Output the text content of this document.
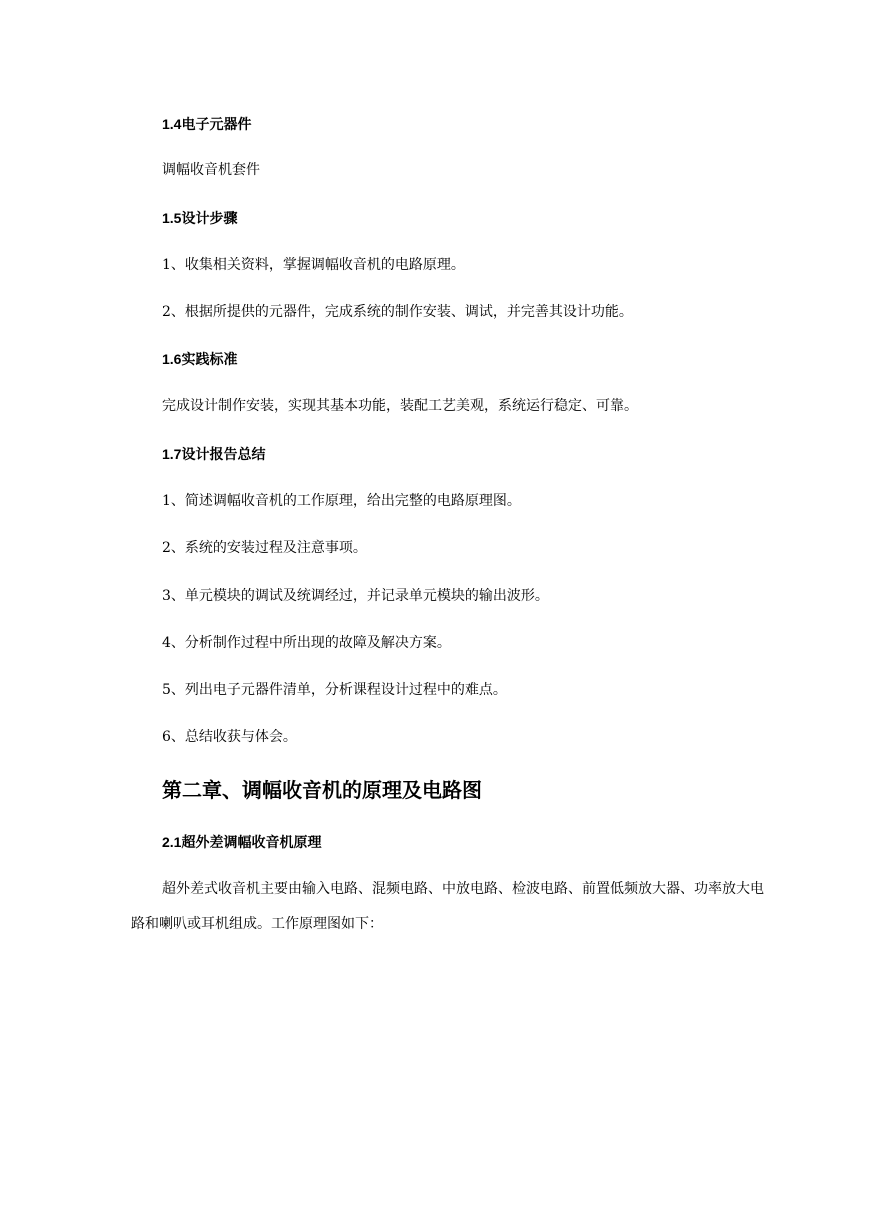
1.4电子元器件
调幅收音机套件
1.5设计步骤
1、收集相关资料，掌握调幅收音机的电路原理。
2、根据所提供的元器件，完成系统的制作安装、调试，并完善其设计功能。
1.6实践标准
完成设计制作安装，实现其基本功能，装配工艺美观，系统运行稳定、可靠。
1.7设计报告总结
1、简述调幅收音机的工作原理，给出完整的电路原理图。
2、系统的安装过程及注意事项。
3、单元模块的调试及统调经过，并记录单元模块的输出波形。
4、分析制作过程中所出现的故障及解决方案。
5、列出电子元器件清单，分析课程设计过程中的难点。
6、总结收获与体会。
第二章、调幅收音机的原理及电路图
2.1超外差调幅收音机原理
超外差式收音机主要由输入电路、混频电路、中放电路、检波电路、前置低频放大器、功率放大电路和喇叭或耳机组成。工作原理图如下：
